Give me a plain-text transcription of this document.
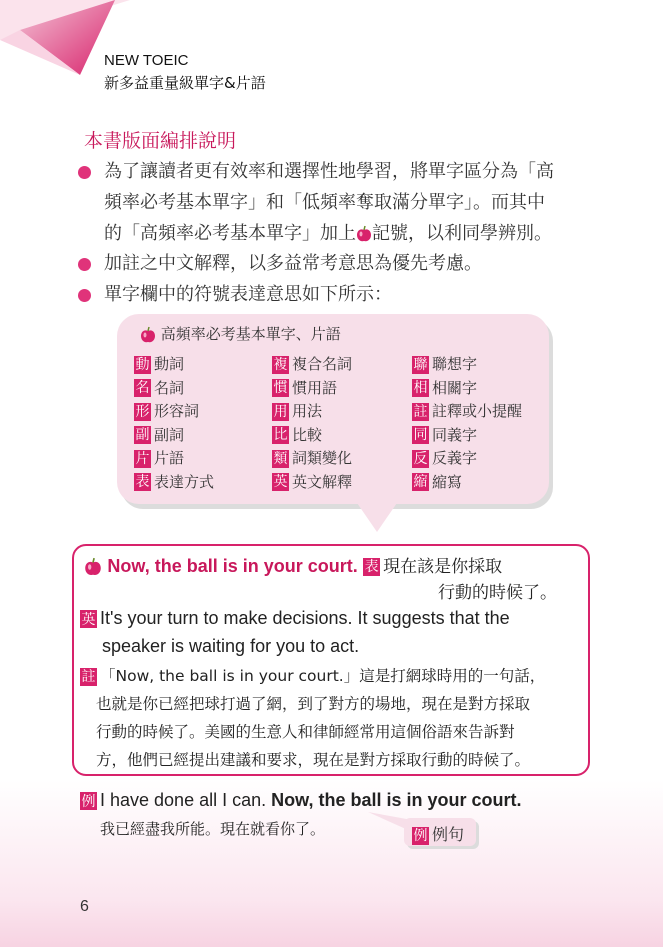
NEW TOEIC
新多益重量級單字&片語
本書版面編排說明
為了讓讀者更有效率和選擇性地學習，將單字區分為「高
頻率必考基本單字」和「低頻率奪取滿分單字」。而其中
的「高頻率必考基本單字」加上 記號，以利同學辨別。
加註之中文解釋，以多益常考意思為優先考慮。
單字欄中的符號表達意思如下所示：
高頻率必考基本單字、片語
動 動詞
名 名詞
形 形容詞
副 副詞
片 片語
表 表達方式
複 複合名詞
慣 慣用語
用 用法
比 比較
類 詞類變化
英 英文解釋
聯 聯想字
相 相關字
註 註釋或小提醒
同 同義字
反 反義字
縮 縮寫
Now, the ball is in your court. 表 現在該是你採取
行動的時候了。
英 It's your turn to make decisions. It suggests that the
speaker is waiting for you to act.
註 「Now, the ball is in your court.」這是打網球時用的一句話，
也就是你已經把球打過了網，到了對方的場地，現在是對方採取
行動的時候了。美國的生意人和律師經常用這個俗語來告訴對
方，他們已經提出建議和要求，現在是對方採取行動的時候了。
例 I have done all I can. Now, the ball is in your court.
我已經盡我所能。現在就看你了。	例 例句
6
